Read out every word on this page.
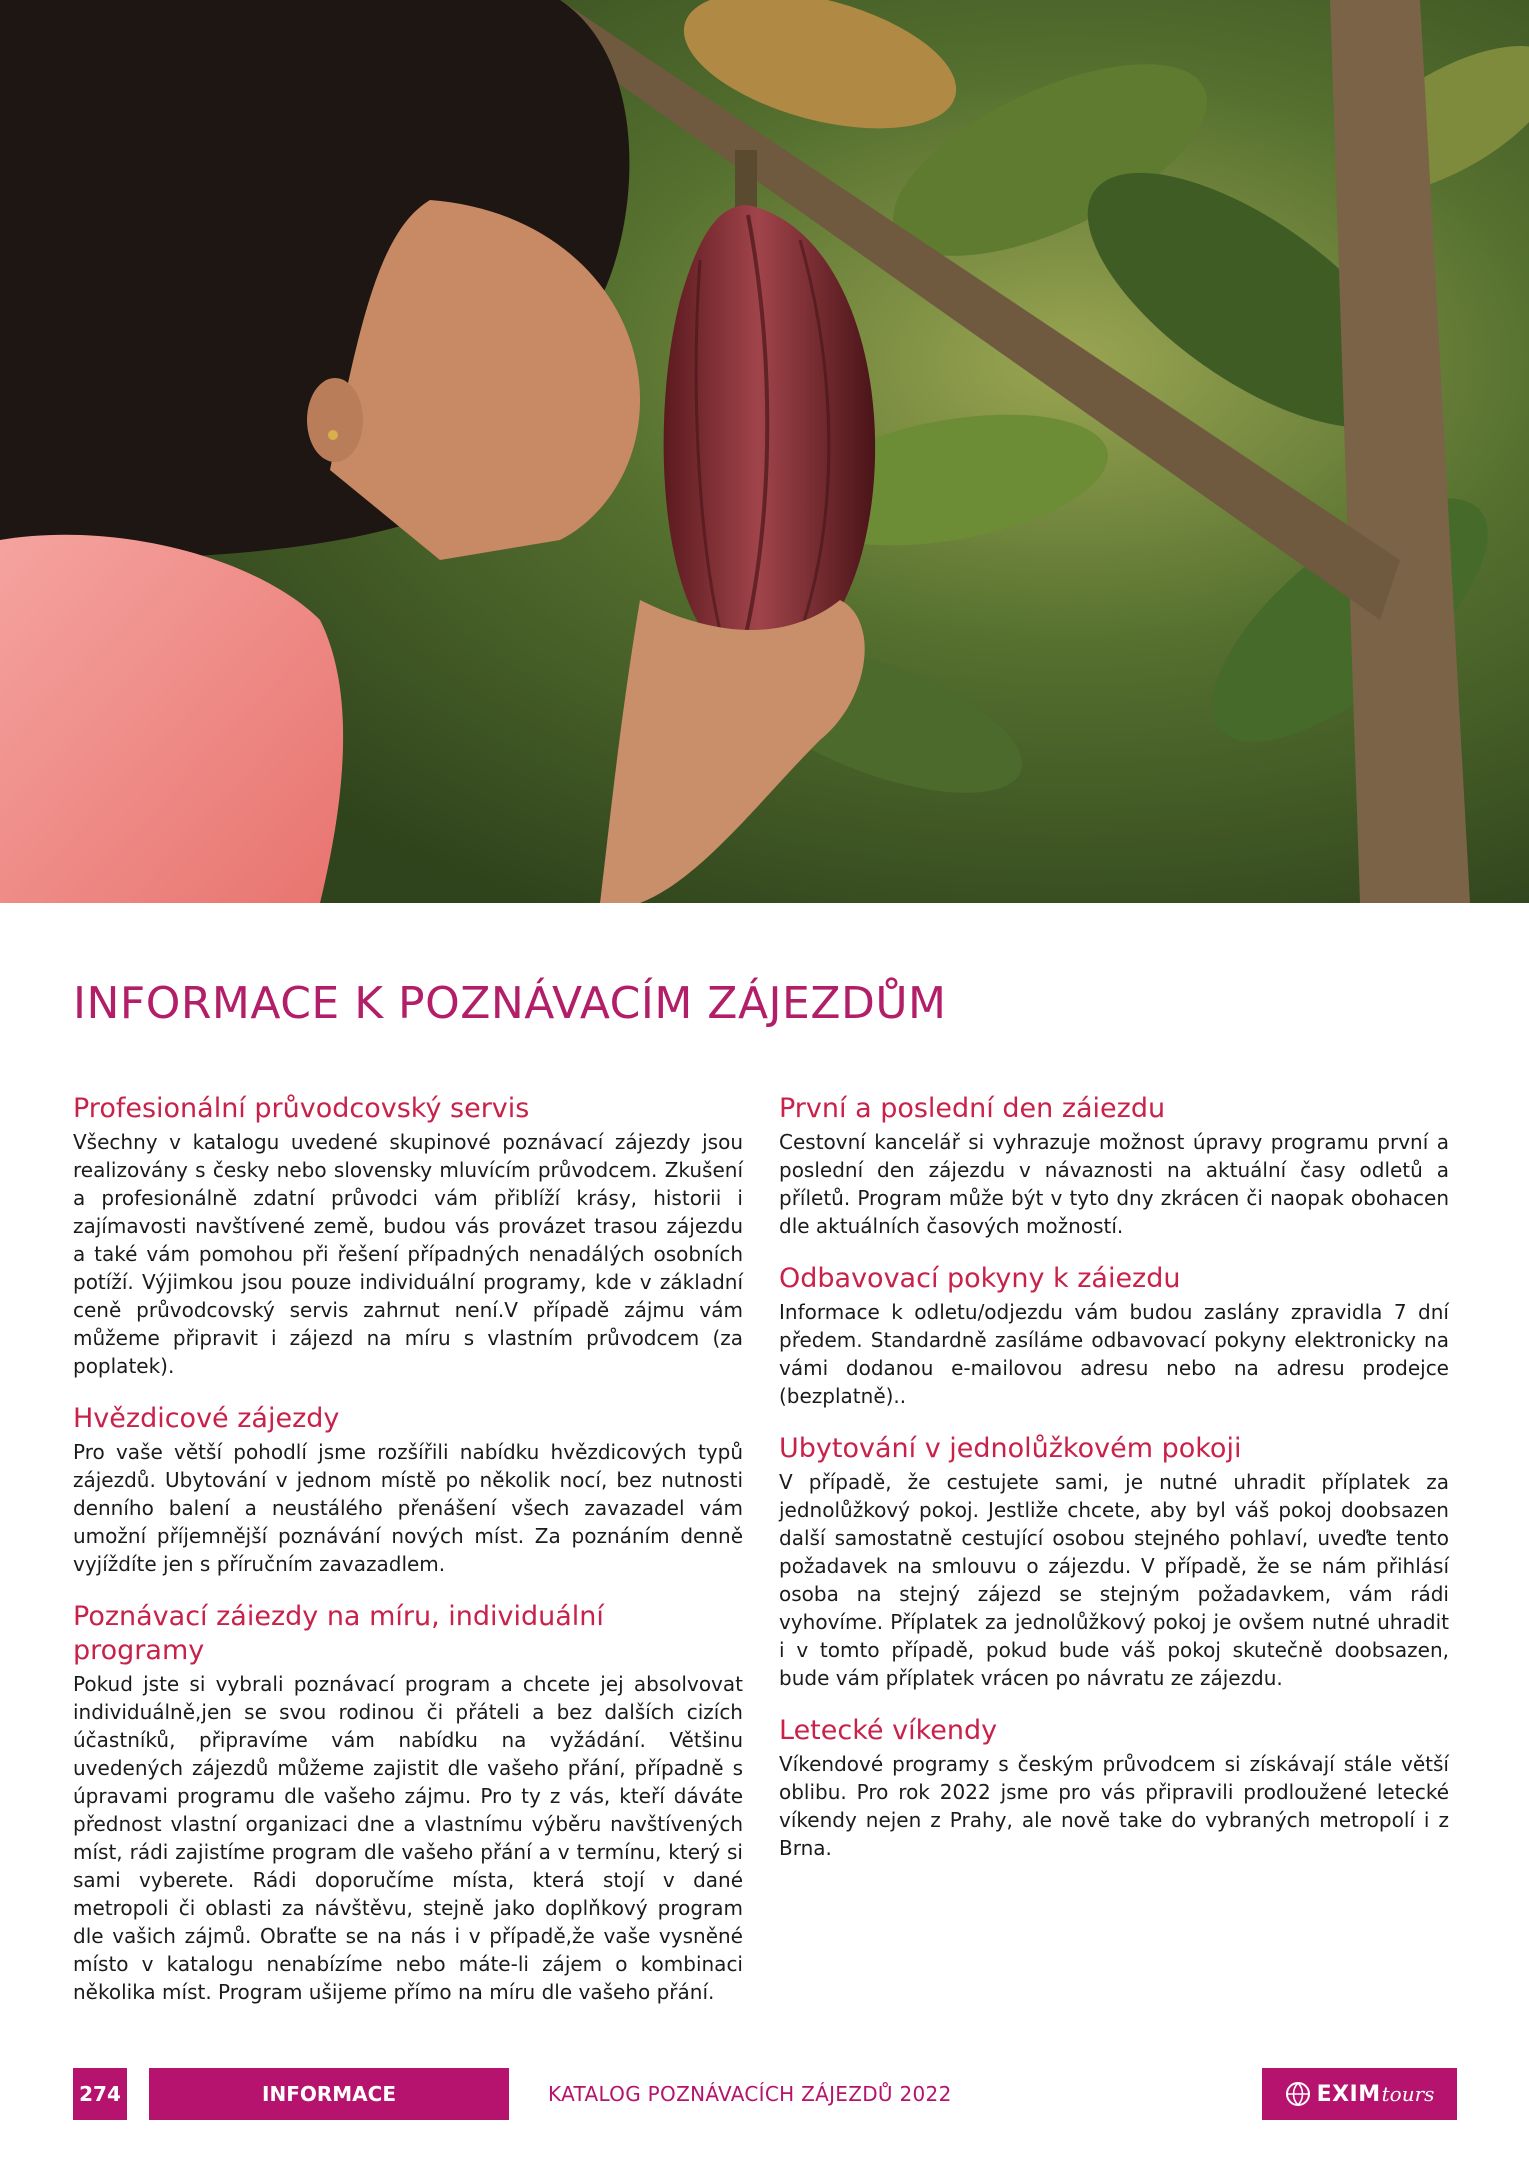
INFORMACE K POZNÁVACÍM ZÁJEZDŮM
Profesionální průvodcovský servis

Všechny v katalogu uvedené skupinové poznávací zájezdy jsou realizovány s česky nebo slovensky mluvícím průvodcem. Zkušení a profesionálně zdatní průvodci vám přiblíží krásy, historii i zajímavosti navštívené země, budou vás provázet trasou zájezdu a také vám pomohou při řešení případných nenadálých osobních potíží. Výjimkou jsou pouze individuální programy, kde v základní ceně průvodcovský servis zahrnut není.V případě zájmu vám můžeme připravit i zájezd na míru s vlastním průvodcem (za poplatek).

Hvězdicové zájezdy

Pro vaše větší pohodlí jsme rozšířili nabídku hvězdicových typů zájezdů. Ubytování v jednom místě po několik nocí, bez nutnosti denního balení a neustálého přenášení všech zavazadel vám umožní příjemnější poznávání nových míst. Za poznáním denně vyjíždíte jen s příručním zavazadlem.

Poznávací záiezdy na míru, individuální programy

Pokud jste si vybrali poznávací program a chcete jej absolvovat individuálně,jen se svou rodinou či přáteli a bez dalších cizích účastníků, připravíme vám nabídku na vyžádání. Většinu uvedených zájezdů můžeme zajistit dle vašeho přání, případně s úpravami programu dle vašeho zájmu. Pro ty z vás, kteří dáváte přednost vlastní organizaci dne a vlastnímu výběru navštívených míst, rádi zajistíme program dle vašeho přání a v termínu, který si sami vyberete. Rádi doporučíme místa, která stojí v dané metropoli či oblasti za návštěvu, stejně jako doplňkový program dle vašich zájmů. Obraťte se na nás i v případě,že vaše vysněné místo v katalogu nenabízíme nebo máte-li zájem o kombinaci několika míst. Program ušijeme přímo na míru dle vašeho přání.

První a poslední den záiezdu

Cestovní kancelář si vyhrazuje možnost úpravy programu první a poslední den zájezdu v návaznosti na aktuální časy odletů a příletů. Program může být v tyto dny zkrácen či naopak obohacen dle aktuálních časových možností.

Odbavovací pokyny k záiezdu

Informace k odletu/odjezdu vám budou zaslány zpravidla 7 dní předem. Standardně zasíláme odbavovací pokyny elektronicky na vámi dodanou e-mailovou adresu nebo na adresu prodejce (bezplatně)..

Ubytování v jednolůžkovém pokoji

V případě, že cestujete sami, je nutné uhradit příplatek za jednolůžkový pokoj. Jestliže chcete, aby byl váš pokoj doobsazen další samostatně cestující osobou stejného pohlaví, uveďte tento požadavek na smlouvu o zájezdu. V případě, že se nám přihlásí osoba na stejný zájezd se stejným požadavkem, vám rádi vyhovíme. Příplatek za jednolůžkový pokoj je ovšem nutné uhradit i v tomto případě, pokud bude váš pokoj skutečně doobsazen, bude vám příplatek vrácen po návratu ze zájezdu.

Letecké víkendy

Víkendové programy s českým průvodcem si získávají stále větší oblibu. Pro rok 2022 jsme pro vás připravili prodloužené letecké víkendy nejen z Prahy, ale nově take do vybraných metropolí i z Brna.

274	INFORMACE	KATALOG POZNÁVACÍCH ZÁJEZDŮ 2022	EXIM tours
